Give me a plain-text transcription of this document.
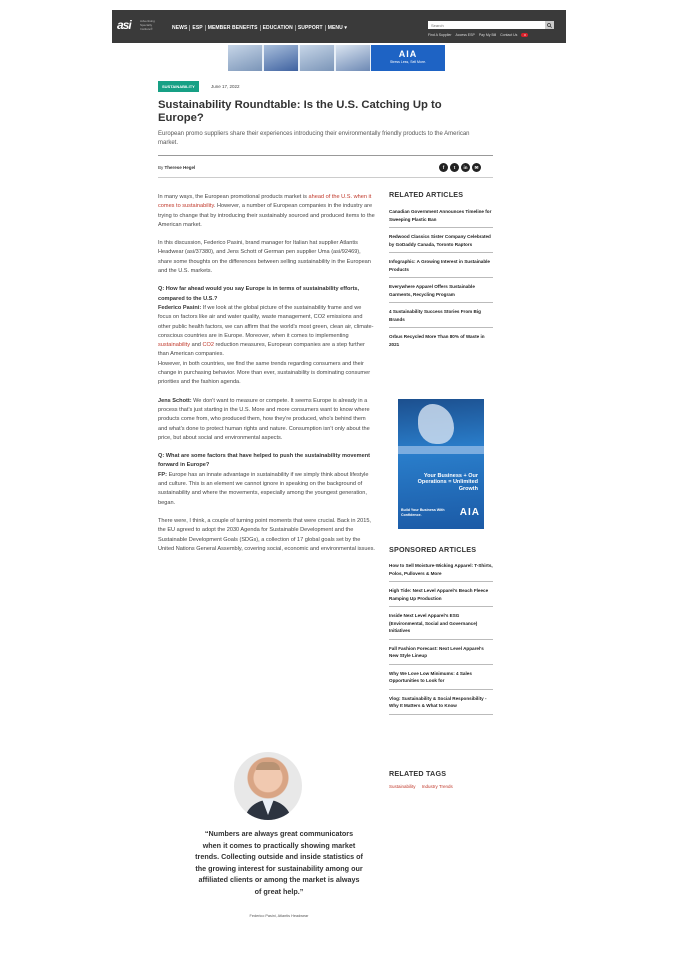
asi	Advertising Specialty Institute®	NEWS	ESP	MEMBER BENEFITS	EDUCATION	SUPPORT	MENU ▾
Search
Find A Supplier Access ESP Pay My Bill Contact Us	0
AIA
Stress Less, Sell More.
SUSTAINABILITY	June 17, 2022
Sustainability Roundtable: Is the U.S. Catching Up to Europe?

European promo suppliers share their experiences introducing their environmentally friendly products to the American market.

By Therese Hegel	f	t	in	✉

In many ways, the European promotional products market is ahead of the U.S. when it comes to sustainability. However, a number of European companies in the industry are trying to change that by introducing their sustainably sourced and produced items to the American market.

In this discussion, Federico Pasini, brand manager for Italian hat supplier Atlantis Headwear (asi/37380), and Jens Schott of German pen supplier Uma (asi/92469), share some thoughts on the differences between selling sustainability in the European and the U.S. markets.

Q: How far ahead would you say Europe is in terms of sustainability efforts, compared to the U.S.?
Federico Pasini: If we look at the global picture of the sustainability frame and we focus on factors like air and water quality, waste management, CO2 emissions and other public health factors, we can affirm that the world's most green, clean air, climate-conscious countries are in Europe. Moreover, when it comes to implementing sustainability and CO2 reduction measures, European companies are a step further than American companies.
However, in both countries, we find the same trends regarding consumers and their change in purchasing behavior. More than ever, sustainability is dominating consumer priorities and the fashion agenda.

Jens Schott: We don't want to measure or compete. It seems Europe is already in a process that's just starting in the U.S. More and more consumers want to know where products come from, who produced them, how they're produced, who's behind them and what's done to protect human rights and nature. Consumption isn't only about the price, but about social and environmental aspects.

Q: What are some factors that have helped to push the sustainability movement forward in Europe?
FP: Europe has an innate advantage in sustainability if we simply think about lifestyle and culture. This is an element we cannot ignore in speaking on the background of sustainability and where the movements, especially among the youngest generation, began.

There were, I think, a couple of turning point moments that were crucial. Back in 2015, the EU agreed to adopt the 2030 Agenda for Sustainable Development and the Sustainable Development Goals (SDGs), a collection of 17 global goals set by the United Nations General Assembly, covering social, economic and environmental issues.

“Numbers are always great communicators when it comes to practically showing market trends. Collecting outside and inside statistics of the growing interest for sustainability among our affiliated clients or among the market is always of great help.”
Federico Pasini, Atlantis Headwear
RELATED ARTICLES
Canadian Government Announces Timeline for Sweeping Plastic Ban
Redwood Classics Sister Company Celebrated by GoDaddy Canada, Toronto Raptors
Infographic: A Growing Interest in Sustainable Products
Everywhere Apparel Offers Sustainable Garments, Recycling Program
4 Sustainability Success Stories From Big Brands
Orbus Recycled More Than 80% of Waste in 2021
Your Business + Our Operations = Unlimited Growth
Build Your Business With Confidence.	AIA
SPONSORED ARTICLES
How to Sell Moisture-Wicking Apparel: T-Shirts, Polos, Pullovers & More
High Tide: Next Level Apparel's Beach Fleece Ramping Up Production
Inside Next Level Apparel's ESG (Environmental, Social and Governance) Initiatives
Fall Fashion Forecast: Next Level Apparel's New Style Lineup
Why We Love Low Minimums: 4 Sales Opportunities to Look for
Vlog: Sustainability & Social Responsibility - Why It Matters & What to Know
RELATED TAGS
Sustainability Industry Trends
